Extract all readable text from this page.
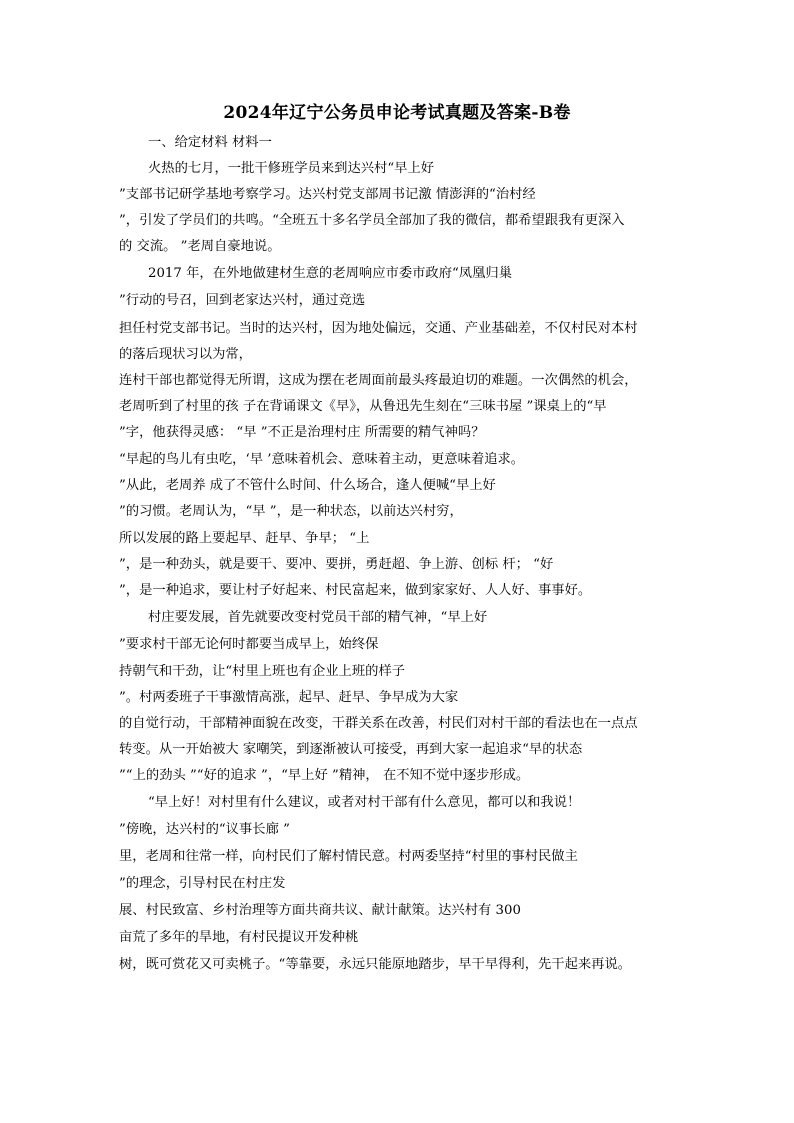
2024年辽宁公务员申论考试真题及答案-B卷
一、给定材料 材料一
火热的七月，一批干修班学员来到达兴村“早上好
”支部书记研学基地考察学习。达兴村党支部周书记激 情澎湃的“治村经
”，引发了学员们的共鸣。“全班五十多名学员全部加了我的微信，都希望跟我有更深入
的 交流。 ”老周自豪地说。
2017 年，在外地做建材生意的老周响应市委市政府“凤凰归巢
”行动的号召，回到老家达兴村，通过竞选
担任村党支部书记。当时的达兴村，因为地处偏远，交通、产业基础差，不仅村民对本村
的落后现状习以为常，
连村干部也都觉得无所谓，这成为摆在老周面前最头疼最迫切的难题。一次偶然的机会，
老周听到了村里的孩 子在背诵课文《早》，从鲁迅先生刻在“三味书屋 ”课桌上的“早
”字，他获得灵感： “早 ”不正是治理村庄 所需要的精气神吗？
“早起的鸟儿有虫吃，‘早 ’意味着机会、意味着主动，更意味着追求。
”从此，老周养 成了不管什么时间、什么场合，逢人便喊“早上好
”的习惯。老周认为，“早 ”，是一种状态，以前达兴村穷，
所以发展的路上要起早、赶早、争早； “上
”，是一种劲头，就是要干、要冲、要拼，勇赶超、争上游、创标 杆； “好
”，是一种追求，要让村子好起来、村民富起来，做到家家好、人人好、事事好。
村庄要发展，首先就要改变村党员干部的精气神，“早上好
”要求村干部无论何时都要当成早上，始终保
持朝气和干劲，让“村里上班也有企业上班的样子
”。村两委班子干事激情高涨，起早、赶早、争早成为大家
的自觉行动，干部精神面貌在改变，干群关系在改善，村民们对村干部的看法也在一点点
转变。从一开始被大 家嘲笑，到逐渐被认可接受，再到大家一起追求“早的状态
”“上的劲头 ”“好的追求 ”，“早上好 ”精神， 在不知不觉中逐步形成。
“早上好！对村里有什么建议，或者对村干部有什么意见，都可以和我说！
”傍晚，达兴村的“议事长廊 ”
里，老周和往常一样，向村民们了解村情民意。村两委坚持“村里的事村民做主
”的理念，引导村民在村庄发
展、村民致富、乡村治理等方面共商共议、献计献策。达兴村有 300
亩荒了多年的旱地，有村民提议开发种桃
树，既可赏花又可卖桃子。“等靠要，永远只能原地踏步，早干早得利，先干起来再说。
